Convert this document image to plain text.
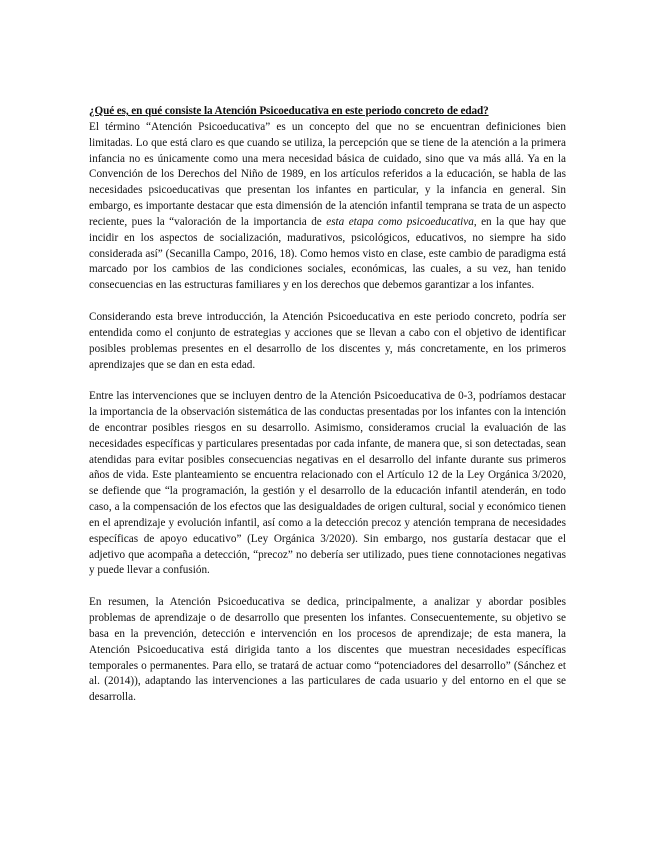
¿Qué es, en qué consiste la Atención Psicoeducativa en este periodo concreto de edad?

El término “Atención Psicoeducativa” es un concepto del que no se encuentran definiciones bien limitadas. Lo que está claro es que cuando se utiliza, la percepción que se tiene de la atención a la primera infancia no es únicamente como una mera necesidad básica de cuidado, sino que va más allá. Ya en la Convención de los Derechos del Niño de 1989, en los artículos referidos a la educación, se habla de las necesidades psicoeducativas que presentan los infantes en particular, y la infancia en general. Sin embargo, es importante destacar que esta dimensión de la atención infantil temprana se trata de un aspecto reciente, pues la “valoración de la importancia de esta etapa como psicoeducativa, en la que hay que incidir en los aspectos de socialización, madurativos, psicológicos, educativos, no siempre ha sido considerada así” (Secanilla Campo, 2016, 18). Como hemos visto en clase, este cambio de paradigma está marcado por los cambios de las condiciones sociales, económicas, las cuales, a su vez, han tenido consecuencias en las estructuras familiares y en los derechos que debemos garantizar a los infantes.

Considerando esta breve introducción, la Atención Psicoeducativa en este periodo concreto, podría ser entendida como el conjunto de estrategias y acciones que se llevan a cabo con el objetivo de identificar posibles problemas presentes en el desarrollo de los discentes y, más concretamente, en los primeros aprendizajes que se dan en esta edad.

Entre las intervenciones que se incluyen dentro de la Atención Psicoeducativa de 0-3, podríamos destacar la importancia de la observación sistemática de las conductas presentadas por los infantes con la intención de encontrar posibles riesgos en su desarrollo. Asimismo, consideramos crucial la evaluación de las necesidades específicas y particulares presentadas por cada infante, de manera que, si son detectadas, sean atendidas para evitar posibles consecuencias negativas en el desarrollo del infante durante sus primeros años de vida. Este planteamiento se encuentra relacionado con el Artículo 12 de la Ley Orgánica 3/2020, se defiende que “la programación, la gestión y el desarrollo de la educación infantil atenderán, en todo caso, a la compensación de los efectos que las desigualdades de origen cultural, social y económico tienen en el aprendizaje y evolución infantil, así como a la detección precoz y atención temprana de necesidades específicas de apoyo educativo” (Ley Orgánica 3/2020). Sin embargo, nos gustaría destacar que el adjetivo que acompaña a detección, “precoz” no debería ser utilizado, pues tiene connotaciones negativas y puede llevar a confusión.

En resumen, la Atención Psicoeducativa se dedica, principalmente, a analizar y abordar posibles problemas de aprendizaje o de desarrollo que presenten los infantes. Consecuentemente, su objetivo se basa en la prevención, detección e intervención en los procesos de aprendizaje; de esta manera, la Atención Psicoeducativa está dirigida tanto a los discentes que muestran necesidades específicas temporales o permanentes. Para ello, se tratará de actuar como “potenciadores del desarrollo” (Sánchez et al. (2014)), adaptando las intervenciones a las particulares de cada usuario y del entorno en el que se desarrolla.
